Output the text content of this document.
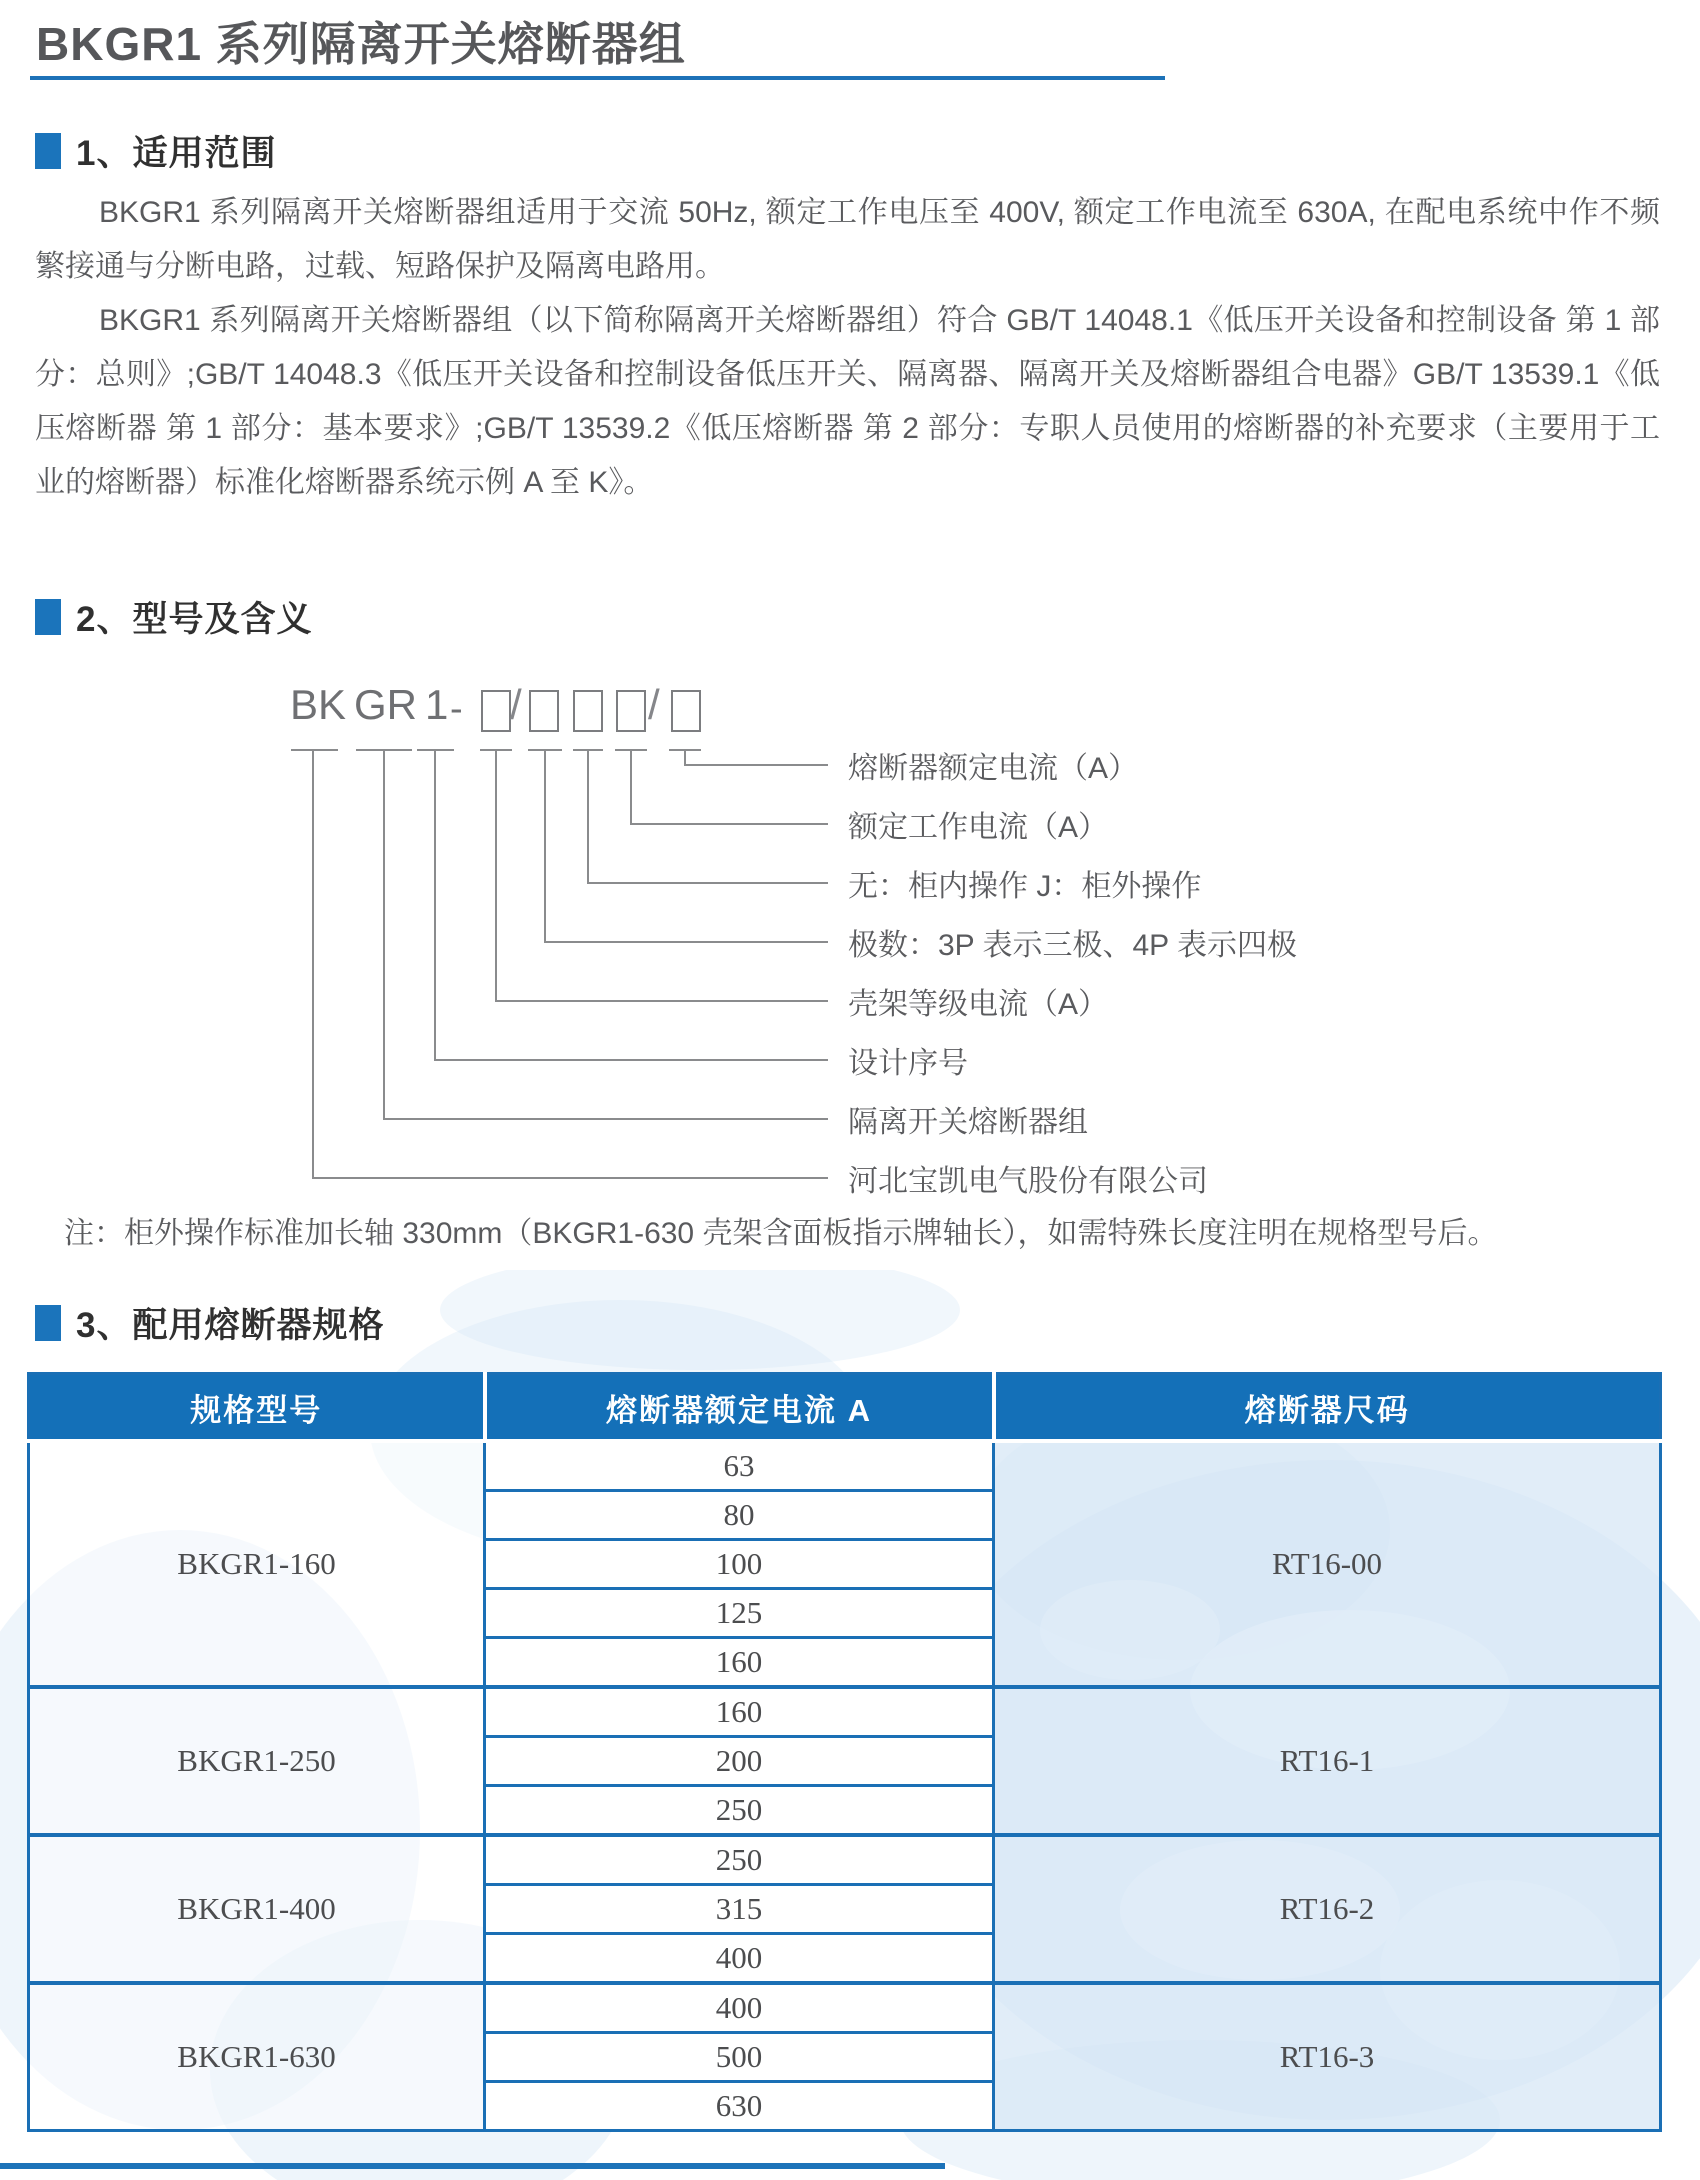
BKGR1 系列隔离开关熔断器组
1、适用范围

BKGR1 系列隔离开关熔断器组适用于交流 50Hz, 额定工作电压至 400V, 额定工作电流至 630A, 在配电系统中作不频繁接通与分断电路，过载、短路保护及隔离电路用。

BKGR1 系列隔离开关熔断器组（以下简称隔离开关熔断器组）符合 GB/T 14048.1《低压开关设备和控制设备 第 1 部分：总则》;GB/T 14048.3《低压开关设备和控制设备低压开关、隔离器、隔离开关及熔断器组合电器》GB/T 13539.1《低压熔断器 第 1 部分：基本要求》;GB/T 13539.2《低压熔断器 第 2 部分：专职人员使用的熔断器的补充要求（主要用于工业的熔断器）标准化熔断器系统示例 A 至 K》。

2、型号及含义
BK GR 1 - /	/
熔断器额定电流（A）
额定工作电流（A）
无：柜内操作 J：柜外操作
极数：3P 表示三极、4P 表示四极
壳架等级电流（A）
设计序号
隔离开关熔断器组
河北宝凯电气股份有限公司

注：柜外操作标准加长轴 330mm（BKGR1-630 壳架含面板指示牌轴长），如需特殊长度注明在规格型号后。

3、配用熔断器规格
规格型号	熔断器额定电流 A	熔断器尺码
BKGR1-160	63	RT16-00
	80	
	100	
	125	
	160	
BKGR1-250	160	RT16-1
	200	
	250	
BKGR1-400	250	RT16-2
	315	
	400	
BKGR1-630	400	RT16-3
	500	
	630	
